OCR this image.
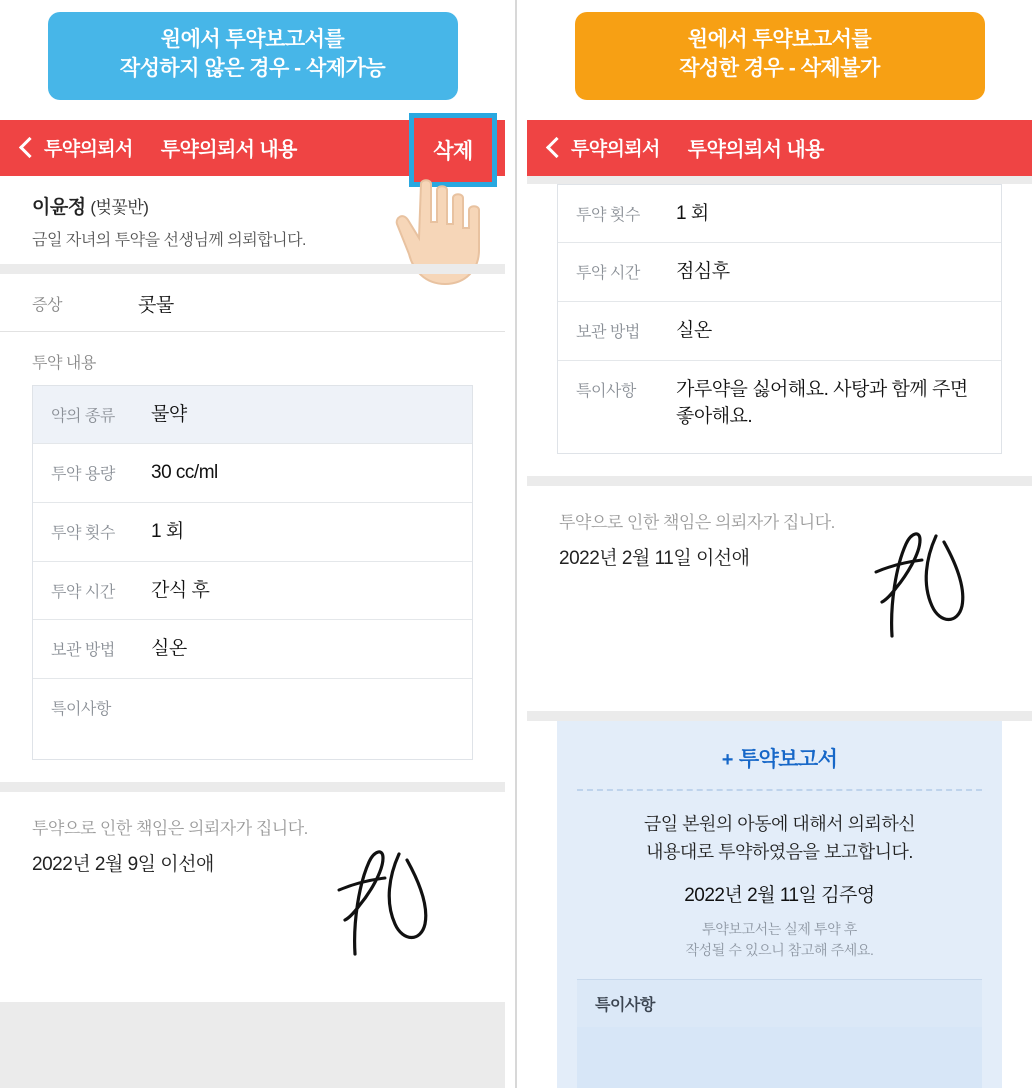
원에서 투약보고서를
작성하지 않은 경우 - 삭제가능
투약의뢰서 투약의뢰서 내용	삭제
이윤정 (벚꽃반)
금일 자녀의 투약을 선생님께 의뢰합니다.
증상	콧물
투약 내용
약의 종류	물약
투약 용량	30 cc/ml
투약 횟수	1 회
투약 시간	간식 후
보관 방법	실온
특이사항
투약으로 인한 책임은 의뢰자가 집니다.
2022년 2월 9일 이선애
원에서 투약보고서를
작성한 경우 - 삭제불가
투약의뢰서 투약의뢰서 내용
투약 횟수	1 회
투약 시간	점심후
보관 방법	실온
특이사항	가루약을 싫어해요. 사탕과 함께 주면 좋아해요.
투약으로 인한 책임은 의뢰자가 집니다.
2022년 2월 11일 이선애
+ 투약보고서
금일 본원의 아동에 대해서 의뢰하신
내용대로 투약하였음을 보고합니다.
2022년 2월 11일 김주영
투약보고서는 실제 투약 후
작성될 수 있으니 참고해 주세요.
특이사항
